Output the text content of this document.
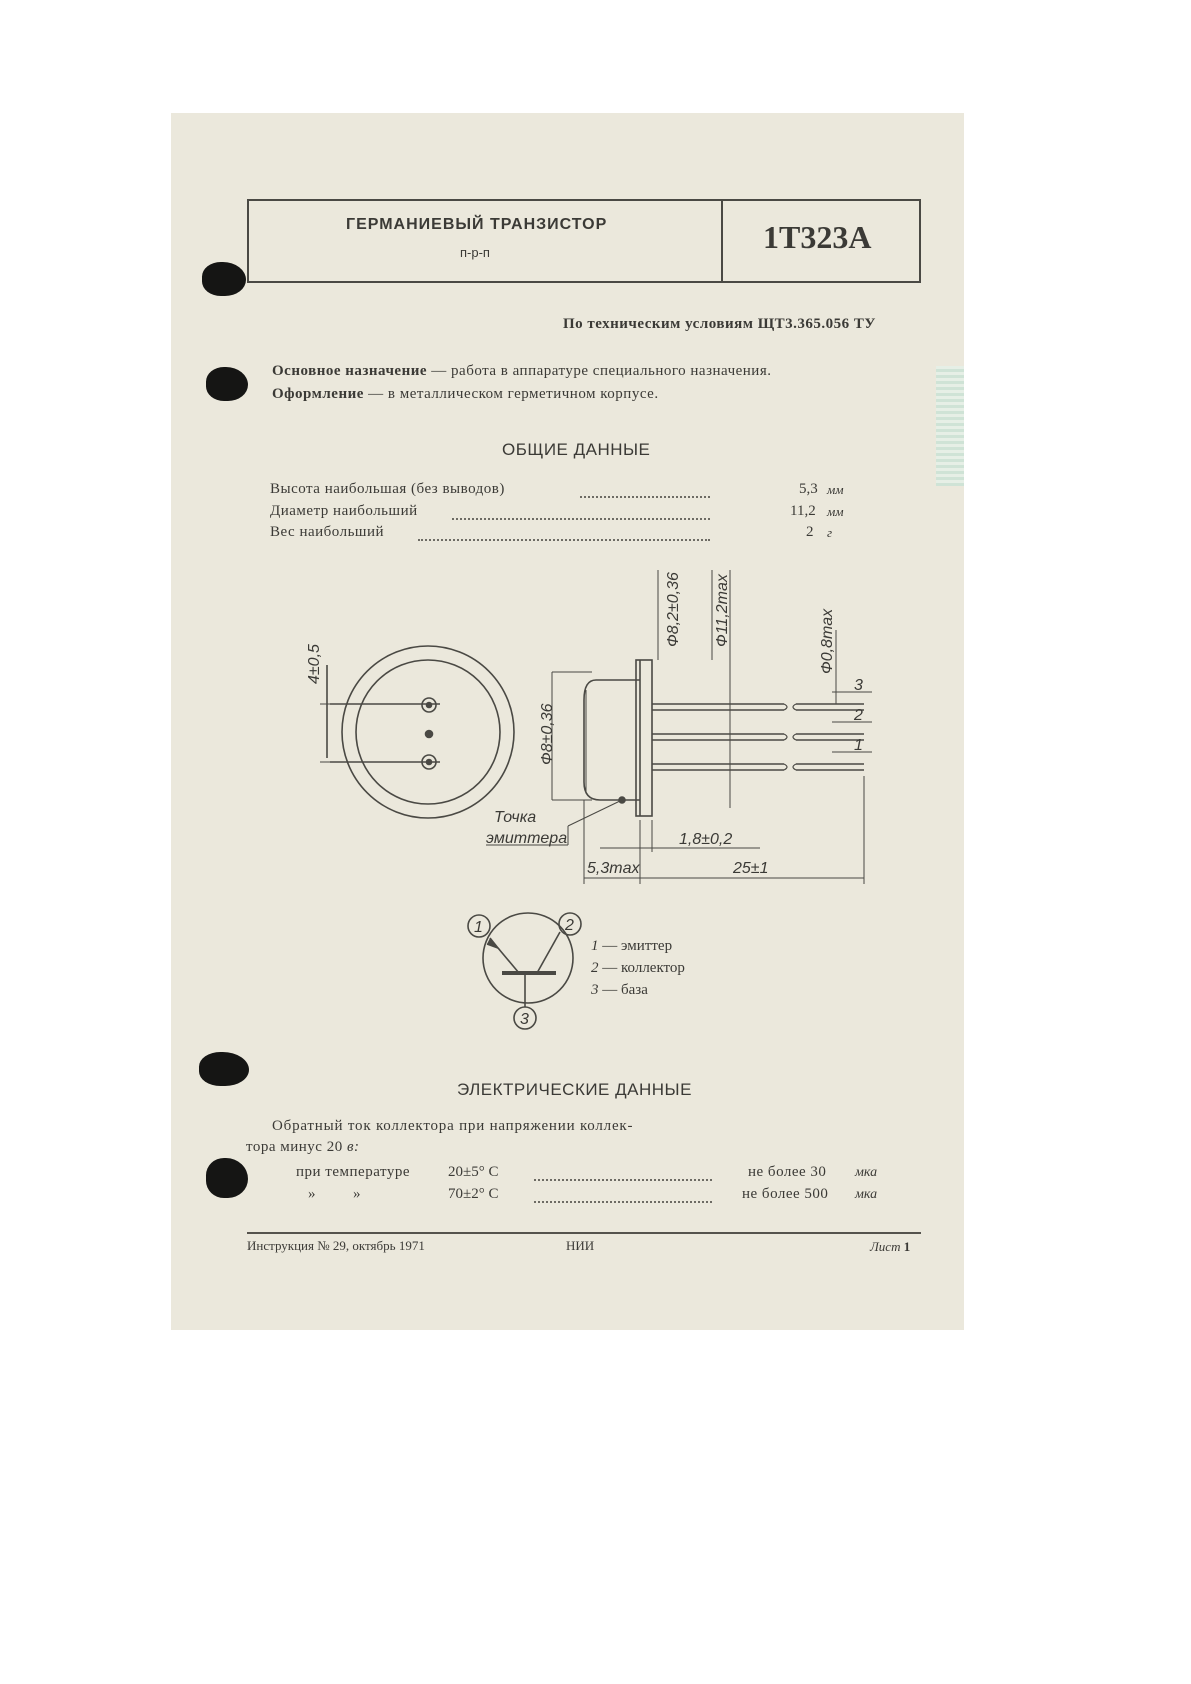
ГЕРМАНИЕВЫЙ ТРАНЗИСТОР
п-р-п	1Т323А
По техническим условиям ЩТ3.365.056 ТУ
Основное назначение — работа в аппаратуре специального назначения.
Оформление — в металлическом герметичном корпусе.
ОБЩИЕ ДАННЫЕ
Высота наибольшая (без выводов)	5,3 мм
Диаметр наибольший	11,2 мм
Вес наибольший	2 г
4±0,5
Ф8,2±0,36 Ф11,2max	Ф0,8max
Ф8±0,36
Точка
эмиттера	1,8±0,2
5,3max	25±1
3
2
1
1	2
3
1 — эмиттер
2 — коллектор
3 — база
ЭЛЕКТРИЧЕСКИЕ ДАННЫЕ
Обратный ток коллектора при напряжении коллек-
тора минус 20 в:
при температуре	20±5° С	не более 30 мка
»          »	70±2° С	не более 500 мка
Инструкция № 29, октябрь 1971	НИИ	Лист 1
